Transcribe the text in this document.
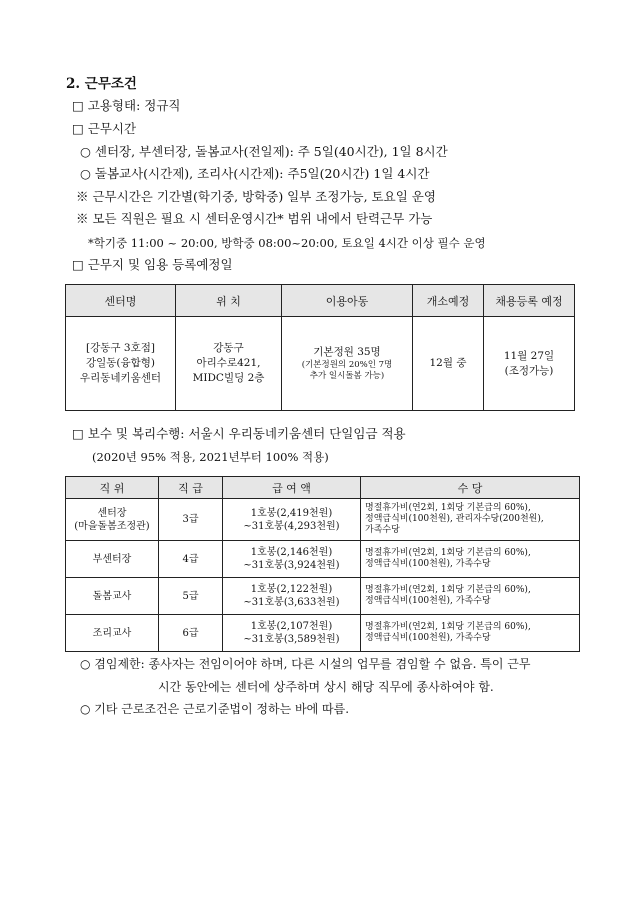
2. 근무조건
□ 고용형태: 정규직
□ 근무시간
○ 센터장, 부센터장, 돌봄교사(전일제): 주 5일(40시간), 1일 8시간
○ 돌봄교사(시간제), 조리사(시간제): 주5일(20시간) 1일 4시간
※ 근무시간은 기간별(학기중, 방학중) 일부 조정가능, 토요일 운영
※ 모든 직원은 필요 시 센터운영시간* 범위 내에서 탄력근무 가능
*학기중 11:00 ~ 20:00, 방학중 08:00~20:00, 토요일 4시간 이상 필수 운영
□ 근무지 및 임용 등록예정일
센터명	위 치	이용아동	개소예정	채용등록 예정

[강동구 3호점]
강일동(융합형)
우리동네키움센터	강동구
아리수로421,
MIDC빌딩 2층	기본정원 35명
(기본정원의 20%인 7명
추가 일시돌봄 가능)	12월 중	11월 27일
(조정가능)
□ 보수 및 복리수행: 서울시 우리동네키움센터 단일임금 적용
(2020년 95% 적용, 2021년부터 100% 적용)
직 위	직 급	급 여 액	수 당

센터장
(마을돌봄조정관)	3급	1호봉(2,419천원)
~31호봉(4,293천원)	명절휴가비(연2회, 1회당 기본급의 60%),
정액급식비(100천원), 관리자수당(200천원),
가족수당

부센터장	4급	1호봉(2,146천원)
~31호봉(3,924천원)	명절휴가비(연2회, 1회당 기본급의 60%),
정액급식비(100천원), 가족수당

돌봄교사	5급	1호봉(2,122천원)
~31호봉(3,633천원)	명절휴가비(연2회, 1회당 기본급의 60%),
정액급식비(100천원), 가족수당

조리교사	6급	1호봉(2,107천원)
~31호봉(3,589천원)	명절휴가비(연2회, 1회당 기본급의 60%),
정액급식비(100천원), 가족수당
○ 겸임제한: 종사자는 전임이어야 하며, 다른 시설의 업무를 겸임할 수 없음. 특이 근무
시간 동안에는 센터에 상주하며 상시 해당 직무에 종사하여야 함.
○ 기타 근로조건은 근로기준법이 정하는 바에 따름.
